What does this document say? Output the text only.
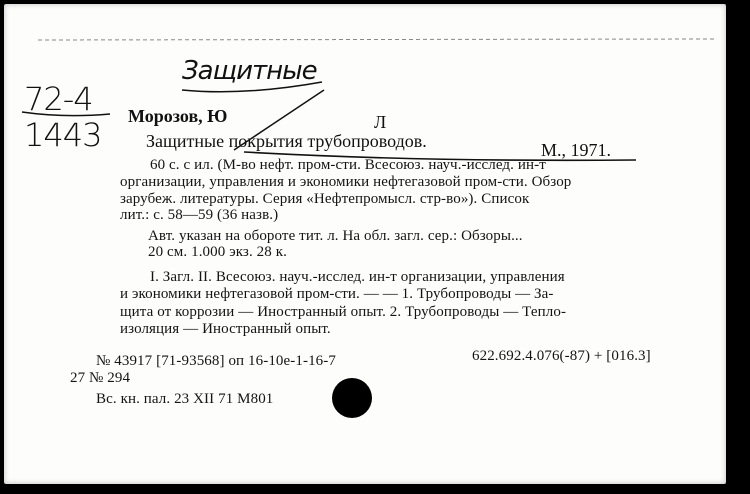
Защитные
72-4
1443 Морозов, Ю	Л
Защитные покрытия трубопроводов.	М., 1971.
60 с. с ил. (М-во нефт. пром-сти. Всесоюз. науч.-исслед. ин-т
организации, управления и экономики нефтегазовой пром-сти. Обзор
зарубеж. литературы. Серия «Нефтепромысл. стр-во»). Список
лит.: с. 58—59 (36 назв.)
Авт. указан на обороте тит. л. На обл. загл. сер.: Обзоры...
20 см. 1.000 экз. 28 к.
I. Загл. II. Всесоюз. науч.-исслед. ин-т организации, управления
и экономики нефтегазовой пром-сти. — — 1. Трубопроводы — За-
щита от коррозии — Иностранный опыт. 2. Трубопроводы — Тепло-
изоляция — Иностранный опыт.
№ 43917 [71-93568] оп 16-10е-1-16-7	622.692.4.076(-87) + [016.3]
27 № 294
Вс. кн. пал. 23 XII 71 М801
